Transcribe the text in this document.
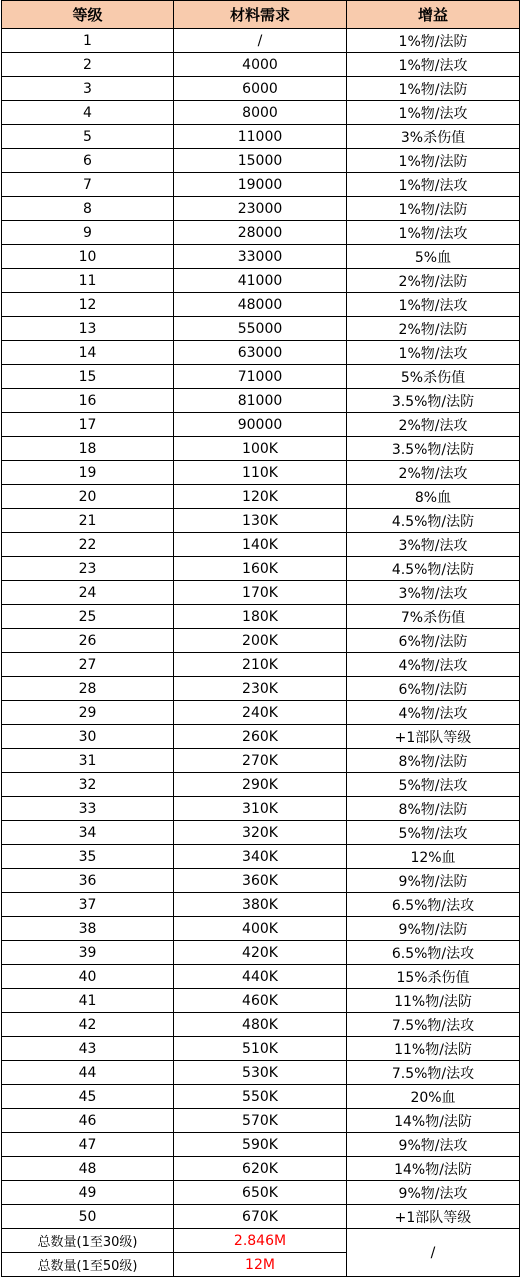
等级	材料需求	增益
1	/	1%物/法防
2	4000	1%物/法攻
3	6000	1%物/法防
4	8000	1%物/法攻
5	11000	3%杀伤值
6	15000	1%物/法防
7	19000	1%物/法攻
8	23000	1%物/法防
9	28000	1%物/法攻
10	33000	5%血
11	41000	2%物/法防
12	48000	1%物/法攻
13	55000	2%物/法防
14	63000	1%物/法攻
15	71000	5%杀伤值
16	81000	3.5%物/法防
17	90000	2%物/法攻
18	100K	3.5%物/法防
19	110K	2%物/法攻
20	120K	8%血
21	130K	4.5%物/法防
22	140K	3%物/法攻
23	160K	4.5%物/法防
24	170K	3%物/法攻
25	180K	7%杀伤值
26	200K	6%物/法防
27	210K	4%物/法攻
28	230K	6%物/法防
29	240K	4%物/法攻
30	260K	+1部队等级
31	270K	8%物/法防
32	290K	5%物/法攻
33	310K	8%物/法防
34	320K	5%物/法攻
35	340K	12%血
36	360K	9%物/法防
37	380K	6.5%物/法攻
38	400K	9%物/法防
39	420K	6.5%物/法攻
40	440K	15%杀伤值
41	460K	11%物/法防
42	480K	7.5%物/法攻
43	510K	11%物/法防
44	530K	7.5%物/法攻
45	550K	20%血
46	570K	14%物/法防
47	590K	9%物/法攻
48	620K	14%物/法防
49	650K	9%物/法攻
50	670K	+1部队等级
总数量(1至30级)	2.846M	/
总数量(1至50级)	12M	
